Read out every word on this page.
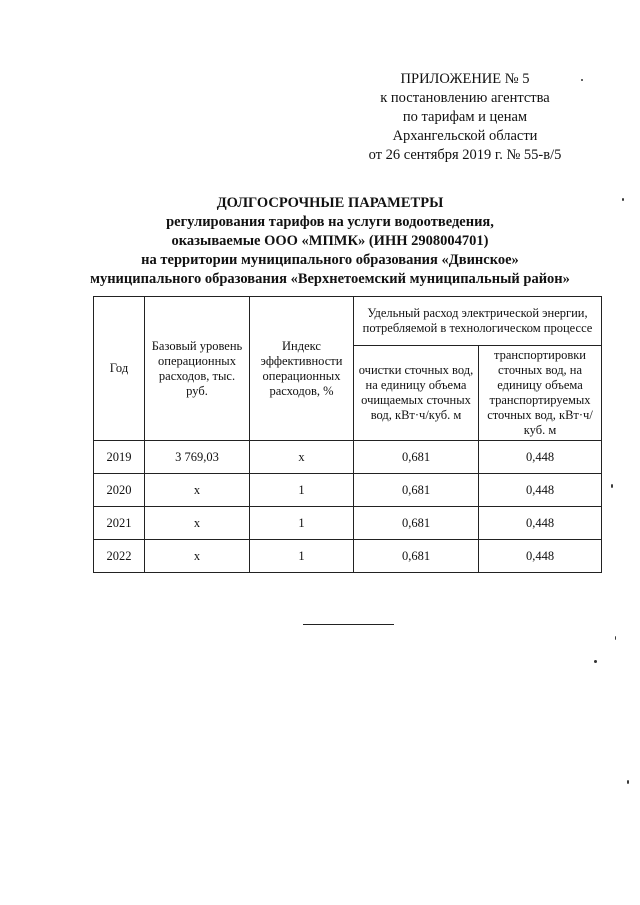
ПРИЛОЖЕНИЕ № 5
к постановлению агентства
по тарифам и ценам
Архангельской области
от 26 сентября 2019 г. № 55-в/5
ДОЛГОСРОЧНЫЕ ПАРАМЕТРЫ
регулирования тарифов на услуги водоотведения,
оказываемые ООО «МПМК» (ИНН 2908004701)
на территории муниципального образования «Двинское»
муниципального образования «Верхнетоемский муниципальный район»
Год	Базовый уровень операционных расходов, тыс. руб.	Индекс эффективности операционных расходов, %	Удельный расход электрической энергии, потребляемой в технологическом процессе	
			очистки сточных вод, на единицу объема очищаемых сточных вод, кВт·ч/куб. м	транспортировки сточных вод, на единицу объема транспортируемых сточных вод, кВт·ч/куб. м
2019	3 769,03	х	0,681	0,448
2020	х	1	0,681	0,448
2021	х	1	0,681	0,448
2022	х	1	0,681	0,448
